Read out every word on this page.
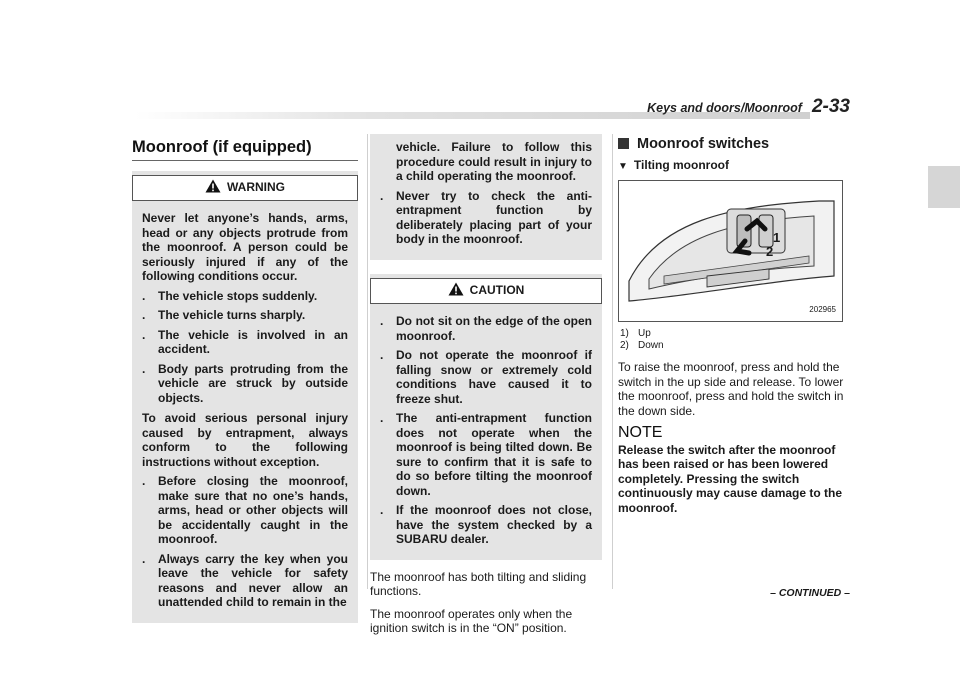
Keys and doors/Moonroof 2-33
Moonroof (if equipped)
WARNING

Never let anyone’s hands, arms, head or any objects protrude from the moonroof. A person could be seriously injured if any of the following conditions occur.

. The vehicle stops suddenly.
. The vehicle turns sharply.
. The vehicle is involved in an accident.
. Body parts protruding from the vehicle are struck by outside objects.

To avoid serious personal injury caused by entrapment, always conform to the following instructions without exception.

. Before closing the moonroof, make sure that no one’s hands, arms, head or other objects will be accidentally caught in the moonroof.
. Always carry the key when you leave the vehicle for safety reasons and never allow an unattended child to remain in the

vehicle. Failure to follow this procedure could result in injury to a child operating the moonroof.

. Never try to check the anti-entrapment function by deliberately placing part of your body in the moonroof.
CAUTION
. Do not sit on the edge of the open moonroof.
. Do not operate the moonroof if falling snow or extremely cold conditions have caused it to freeze shut.
. The anti-entrapment function does not operate when the moonroof is being tilted down. Be sure to confirm that it is safe to do so before tilting the moonroof down.
. If the moonroof does not close, have the system checked by a SUBARU dealer.

The moonroof has both tilting and sliding functions.

The moonroof operates only when the ignition switch is in the “ON” position.

Moonroof switches
▼ Tilting moonroof
1
2
202965
1) Up
2) Down

To raise the moonroof, press and hold the switch in the up side and release. To lower the moonroof, press and hold the switch in the down side.

NOTE

Release the switch after the moonroof has been raised or has been lowered completely. Pressing the switch continuously may cause damage to the moonroof.

– CONTINUED –
